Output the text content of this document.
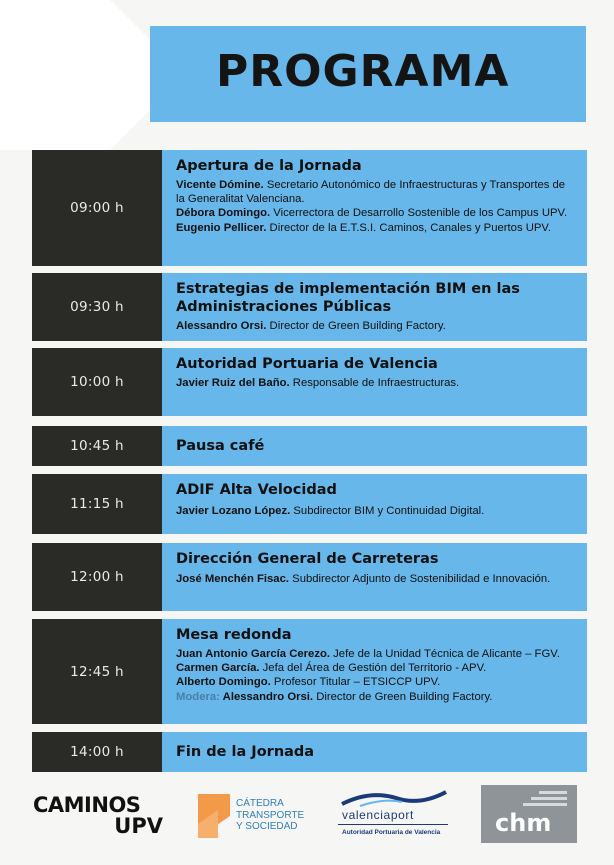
PROGRAMA
09:00 h
Apertura de la Jornada
Vicente Dómine. Secretario Autonómico de Infraestructuras y Transportes de la Generalitat Valenciana.
Débora Domingo. Vicerrectora de Desarrollo Sostenible de los Campus UPV.
Eugenio Pellicer. Director de la E.T.S.I. Caminos, Canales y Puertos UPV.
09:30 h
Estrategias de implementación BIM en las Administraciones Públicas
Alessandro Orsi. Director de Green Building Factory.
10:00 h
Autoridad Portuaria de Valencia
Javier Ruiz del Baño. Responsable de Infraestructuras.
10:45 h	Pausa café
11:15 h
ADIF Alta Velocidad
Javier Lozano López. Subdirector BIM y Continuidad Digital.
12:00 h
Dirección General de Carreteras
José Menchén Fisac. Subdirector Adjunto de Sostenibilidad e Innovación.
12:45 h
Mesa redonda
Juan Antonio García Cerezo. Jefe de la Unidad Técnica de Alicante – FGV.
Carmen García. Jefa del Área de Gestión del Territorio - APV.
Alberto Domingo. Profesor Titular – ETSICCP UPV.
Modera: Alessandro Orsi. Director de Green Building Factory.
14:00 h	Fin de la Jornada
CAMINOS
UPV
CÁTEDRA
TRANSPORTE
Y SOCIEDAD
valenciaport
Autoridad Portuaria de Valencia chm
